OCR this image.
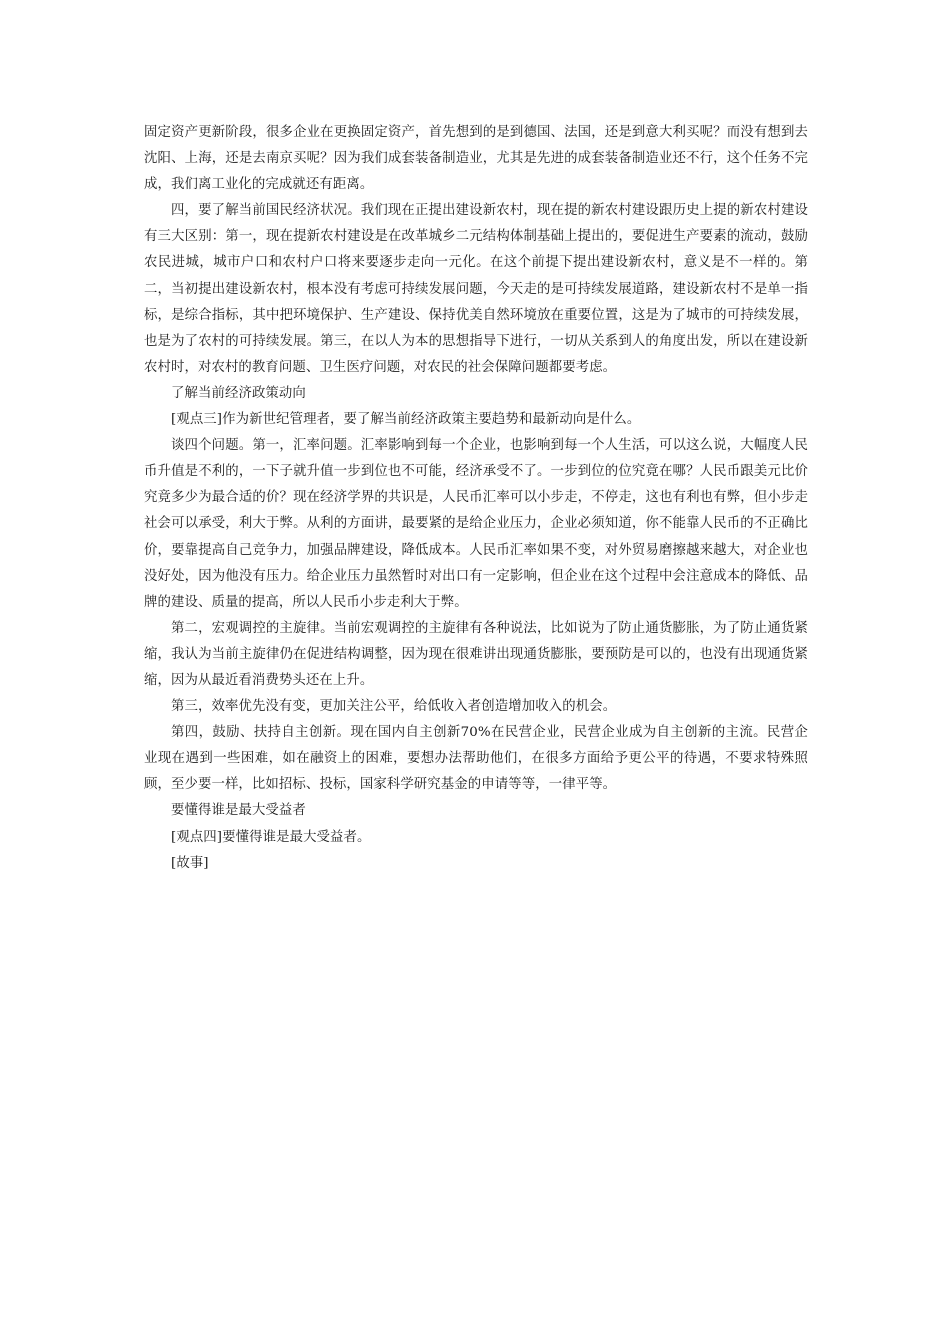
固定资产更新阶段，很多企业在更换固定资产，首先想到的是到德国、法国，还是到意大利买呢？而没有想到去沈阳、上海，还是去南京买呢？因为我们成套装备制造业，尤其是先进的成套装备制造业还不行，这个任务不完成，我们离工业化的完成就还有距离。

四，要了解当前国民经济状况。我们现在正提出建设新农村，现在提的新农村建设跟历史上提的新农村建设有三大区别：第一，现在提新农村建设是在改革城乡二元结构体制基础上提出的，要促进生产要素的流动，鼓励农民进城，城市户口和农村户口将来要逐步走向一元化。在这个前提下提出建设新农村，意义是不一样的。第二，当初提出建设新农村，根本没有考虑可持续发展问题，今天走的是可持续发展道路，建设新农村不是单一指标，是综合指标，其中把环境保护、生产建设、保持优美自然环境放在重要位置，这是为了城市的可持续发展，也是为了农村的可持续发展。第三，在以人为本的思想指导下进行，一切从关系到人的角度出发，所以在建设新农村时，对农村的教育问题、卫生医疗问题，对农民的社会保障问题都要考虑。

了解当前经济政策动向

[观点三]作为新世纪管理者，要了解当前经济政策主要趋势和最新动向是什么。

谈四个问题。第一，汇率问题。汇率影响到每一个企业，也影响到每一个人生活，可以这么说，大幅度人民币升值是不利的，一下子就升值一步到位也不可能，经济承受不了。一步到位的位究竟在哪？人民币跟美元比价究竟多少为最合适的价？现在经济学界的共识是，人民币汇率可以小步走，不停走，这也有利也有弊，但小步走社会可以承受，利大于弊。从利的方面讲，最要紧的是给企业压力，企业必须知道，你不能靠人民币的不正确比价，要靠提高自己竞争力，加强品牌建设，降低成本。人民币汇率如果不变，对外贸易磨擦越来越大，对企业也没好处，因为他没有压力。给企业压力虽然暂时对出口有一定影响，但企业在这个过程中会注意成本的降低、品牌的建设、质量的提高，所以人民币小步走利大于弊。

第二，宏观调控的主旋律。当前宏观调控的主旋律有各种说法，比如说为了防止通货膨胀，为了防止通货紧缩，我认为当前主旋律仍在促进结构调整，因为现在很难讲出现通货膨胀，要预防是可以的，也没有出现通货紧缩，因为从最近看消费势头还在上升。

第三，效率优先没有变，更加关注公平，给低收入者创造增加收入的机会。

第四，鼓励、扶持自主创新。现在国内自主创新70%在民营企业，民营企业成为自主创新的主流。民营企业现在遇到一些困难，如在融资上的困难，要想办法帮助他们，在很多方面给予更公平的待遇，不要求特殊照顾，至少要一样，比如招标、投标，国家科学研究基金的申请等等，一律平等。

要懂得谁是最大受益者

[观点四]要懂得谁是最大受益者。

[故事]
